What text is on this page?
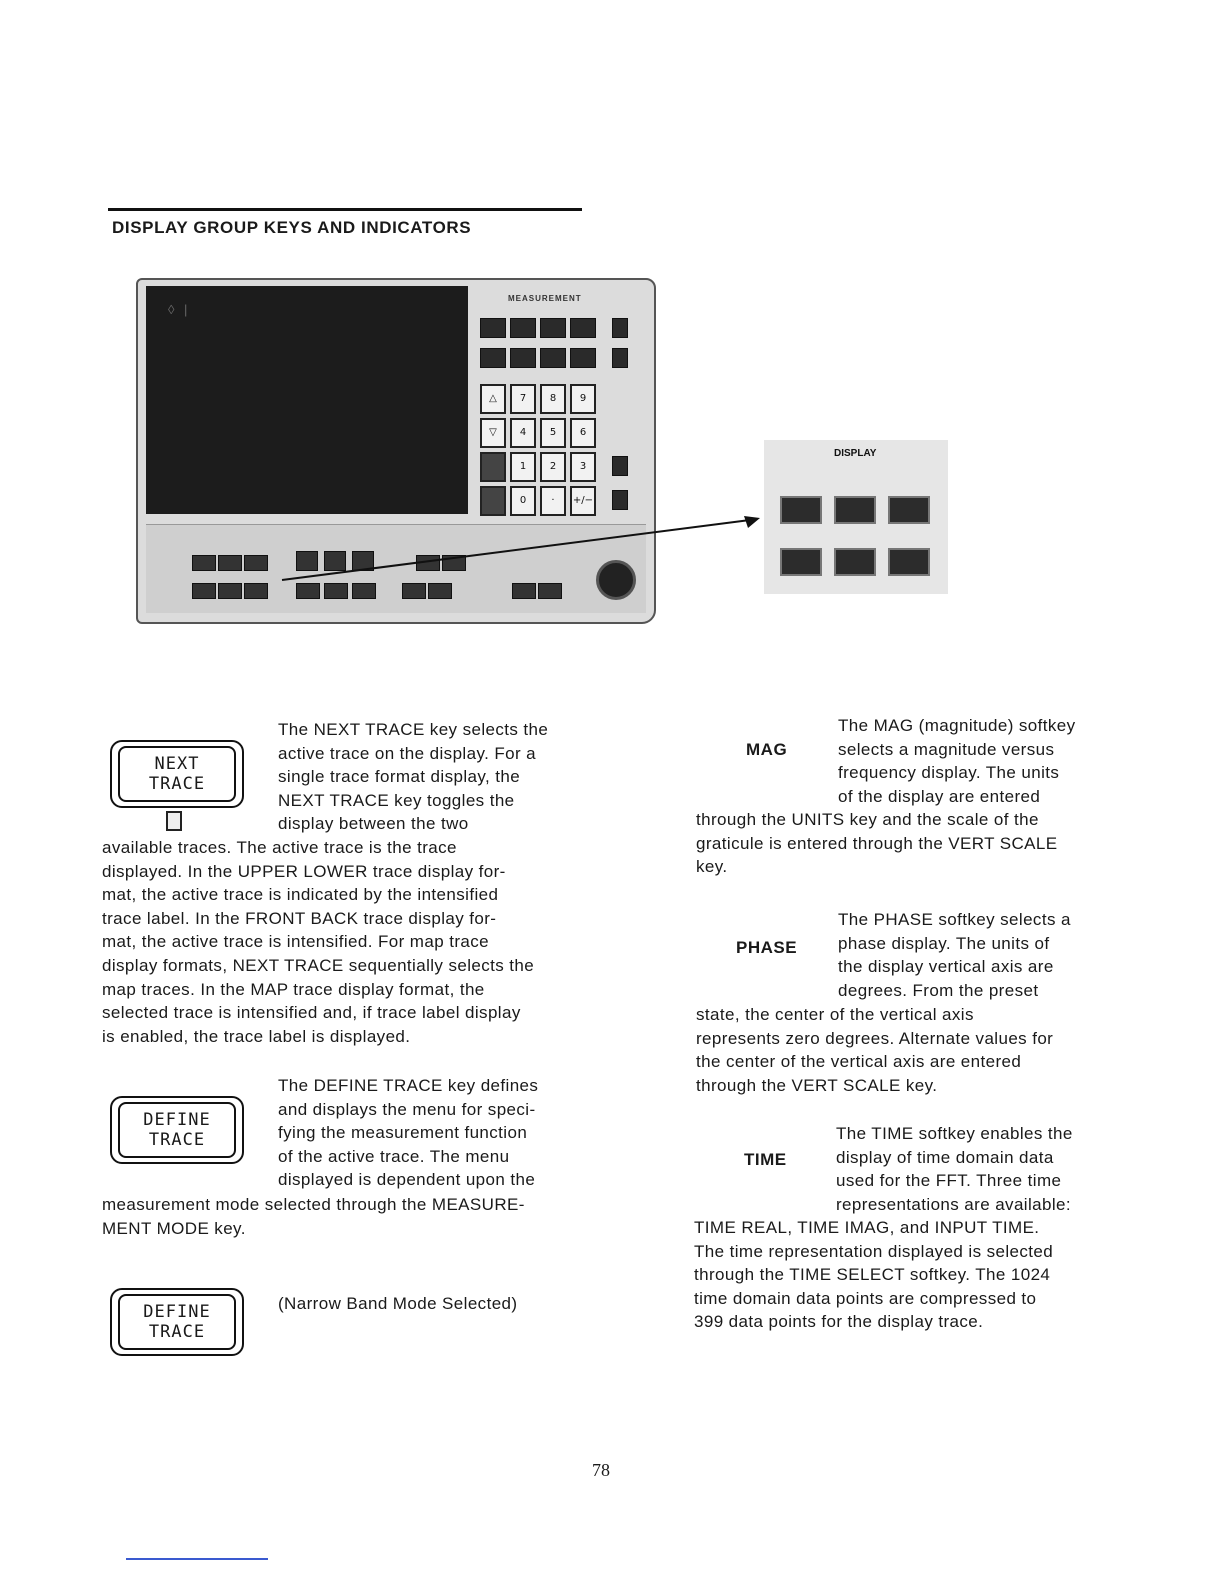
DISPLAY GROUP KEYS AND INDICATORS
◊ |
MEASUREMENT
△	7	8	9
▽	4	5	6
1	2	3
0	·	+/−
DISPLAY
NEXT
TRACE

The NEXT TRACE key selects the

active trace on the display. For a

single trace format display, the

NEXT TRACE key toggles the

display between the two

available traces. The active trace is the trace

displayed. In the UPPER LOWER trace display for-

mat, the active trace is indicated by the intensified

trace label. In the FRONT BACK trace display for-

mat, the active trace is intensified. For map trace

display formats, NEXT TRACE sequentially selects the

map traces. In the MAP trace display format, the

selected trace is intensified and, if trace label display

is enabled, the trace label is displayed.

DEFINE
TRACE

The DEFINE TRACE key defines

and displays the menu for speci-

fying the measurement function

of the active trace. The menu

displayed is dependent upon the

measurement mode selected through the MEASURE-

MENT MODE key.

DEFINE
TRACE

(Narrow Band Mode Selected)

MAG

The MAG (magnitude) softkey

selects a magnitude versus

frequency display. The units

of the display are entered

through the UNITS key and the scale of the

graticule is entered through the VERT SCALE

key.

PHASE

The PHASE softkey selects a

phase display. The units of

the display vertical axis are

degrees. From the preset

state, the center of the vertical axis

represents zero degrees. Alternate values for

the center of the vertical axis are entered

through the VERT SCALE key.

TIME

The TIME softkey enables the

display of time domain data

used for the FFT. Three time

representations are available:

TIME REAL, TIME IMAG, and INPUT TIME.

The time representation displayed is selected

through the TIME SELECT softkey. The 1024

time domain data points are compressed to

399 data points for the display trace.

78
